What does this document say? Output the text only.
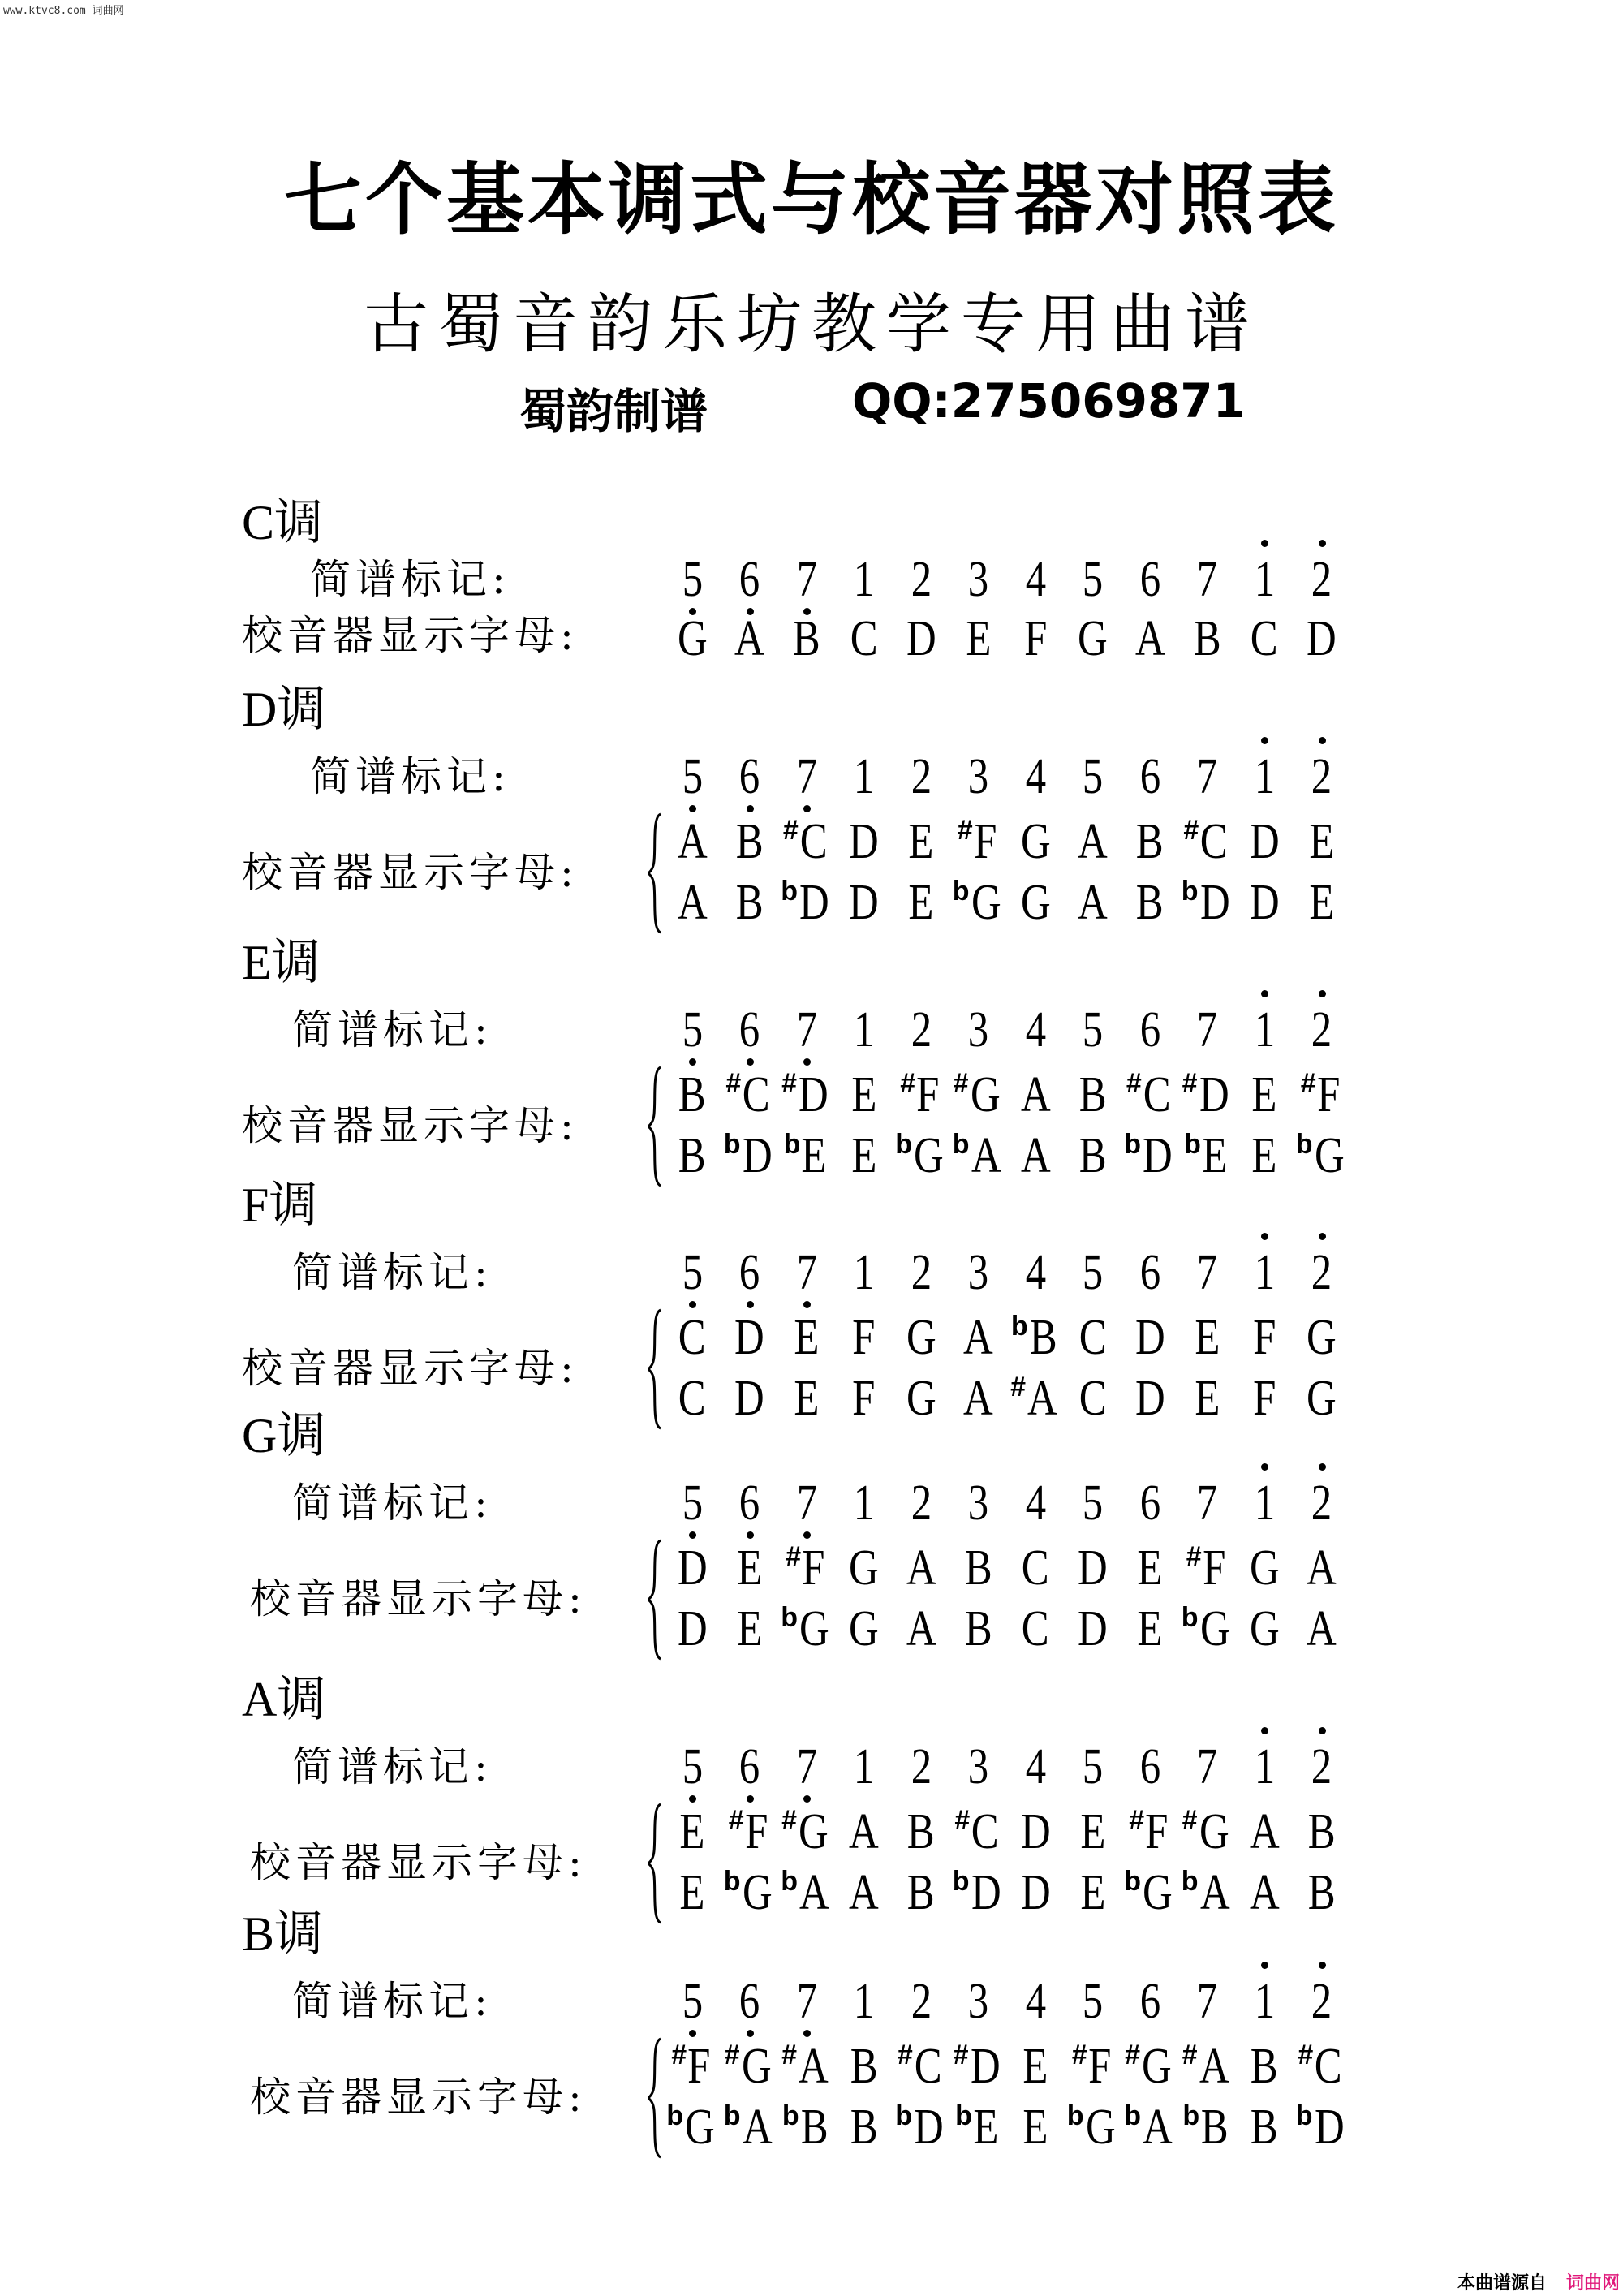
www.ktvc8.com 词曲网
七个基本调式与校音器对照表
古蜀音韵乐坊教学专用曲谱
蜀韵制谱	QQ:275069871
C调
简谱标记:
校音器显示字母:
5 6 7 1 2 3 4 5 6 7 1 2
G A B C D E F G A B C D
D调
简谱标记:
校音器显示字母:
5 6 7 1 2 3 4 5 6 7 1 2
A B #C D E #F G A B #C D E
A B $^b$D D E $^b$G G A B $^b$D D E
E调
简谱标记:
校音器显示字母:
5 6 7 1 2 3 4 5 6 7 1 2
B #C #D E #F #G A B #C #D E #F
B $^b$D $^b$E E $^b$G $^b$A A B $^b$D $^b$E E $^b$G
F调
简谱标记:
校音器显示字母:
5 6 7 1 2 3 4 5 6 7 1 2
C D E F G A $^b$B C D E F G
C D E F G A #A C D E F G
G调
简谱标记:
校音器显示字母:
5 6 7 1 2 3 4 5 6 7 1 2
D E #F G A B C D E #F G A
D E $^b$G G A B C D E $^b$G G A
A调
简谱标记:
校音器显示字母:
5 6 7 1 2 3 4 5 6 7 1 2
E #F #G A B #C D E #F #G A B
E $^b$G $^b$A A B $^b$D D E $^b$G $^b$A A B
B调
简谱标记:
校音器显示字母:
5 6 7 1 2 3 4 5 6 7 1 2
#F #G #A B #C #D E #F #G #A B #C
$^b$G $^b$A $^b$B B $^b$D $^b$E E $^b$G $^b$A $^b$B B $^b$D
本曲谱源自 词曲网
